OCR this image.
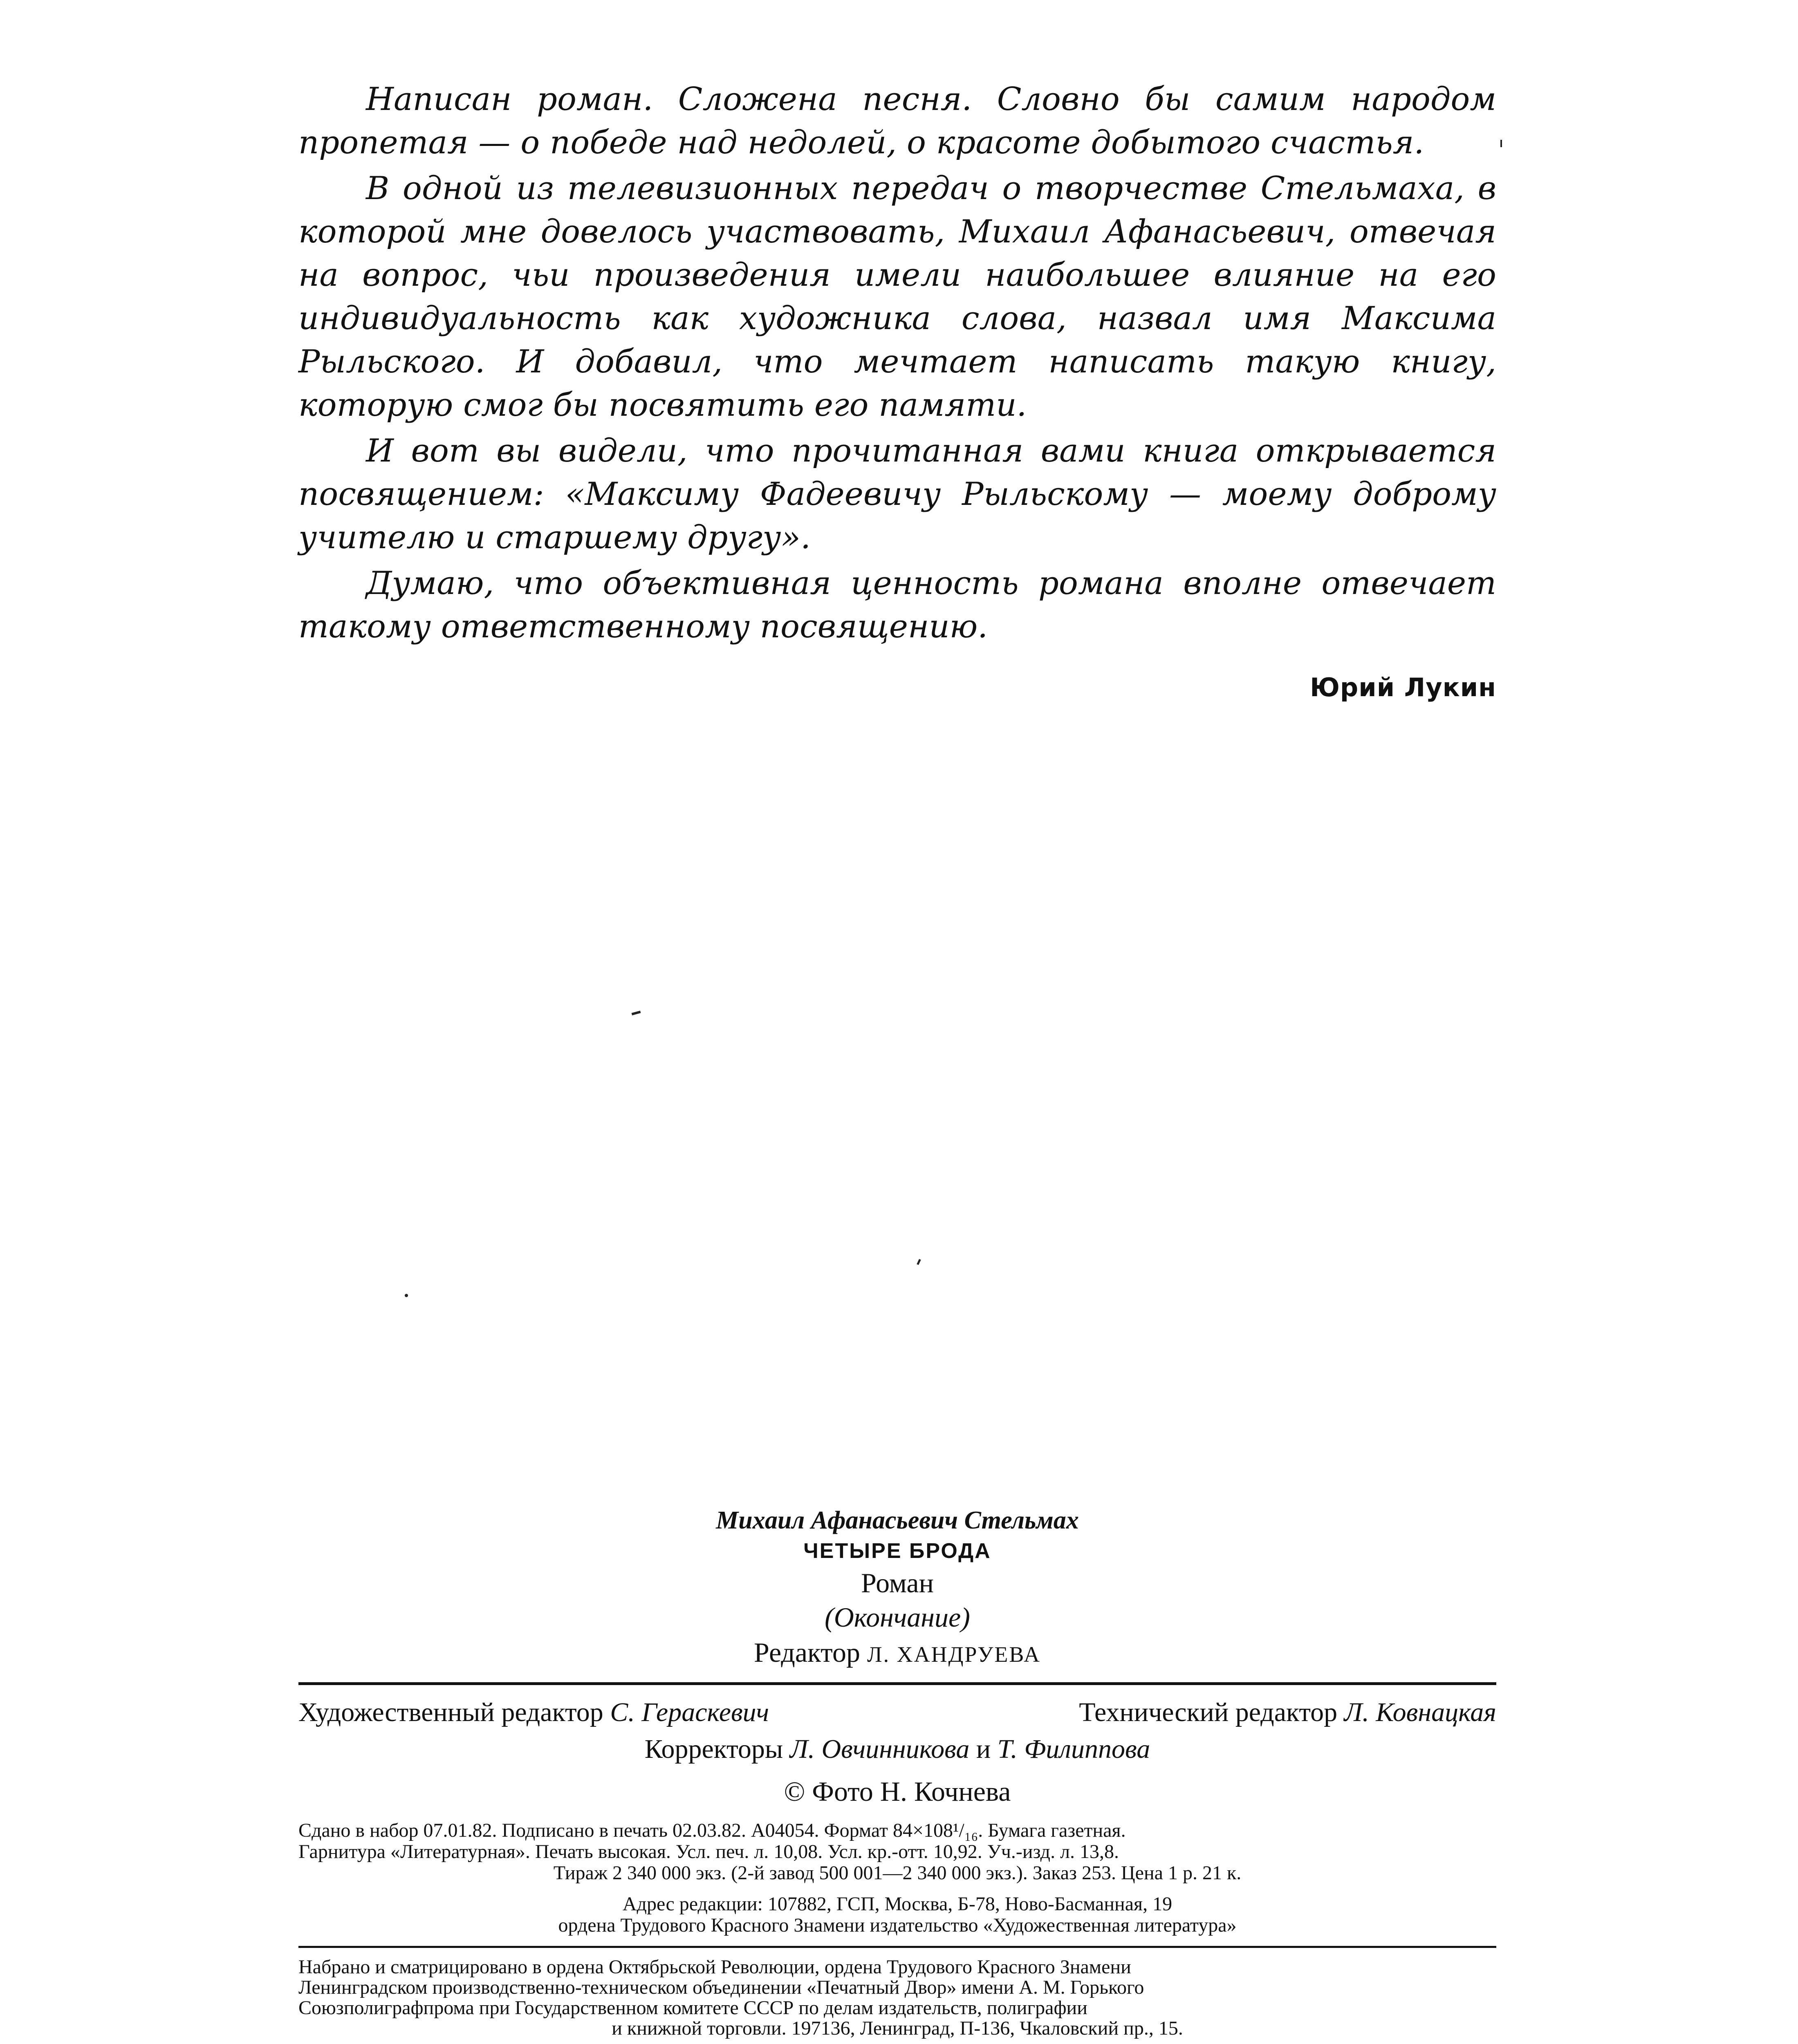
Написан роман. Сложена песня. Словно бы самим народом пропетая — о победе над недолей, о красоте добытого счастья.

В одной из телевизионных передач о творчестве Стельмаха, в которой мне довелось участвовать, Михаил Афанасьевич, отвечая на вопрос, чьи произведения имели наибольшее влияние на его индивидуальность как художника слова, назвал имя Максима Рыльского. И добавил, что мечтает написать такую книгу, которую смог бы посвятить его памяти.

И вот вы видели, что прочитанная вами книга открывается посвящением: «Максиму Фадеевичу Рыльскому — моему доброму учителю и старшему другу».

Думаю, что объективная ценность романа вполне отвечает такому ответственному посвящению.

Юрий Лукин
Михаил Афанасьевич Стельмах
ЧЕТЫРЕ БРОДА
Роман
(Окончание)
Редактор Л. ХАНДРУЕВА
Художественный редактор С. Гераскевич	Технический редактор Л. Ковнацкая
Корректоры Л. Овчинникова и Т. Филиппова
© Фото Н. Кочнева
Сдано в набор 07.01.82. Подписано в печать 02.03.82. А04054. Формат 84×108¹/₁₆. Бумага газетная.
Гарнитура «Литературная». Печать высокая. Усл. печ. л. 10,08. Усл. кр.-отт. 10,92. Уч.-изд. л. 13,8.
Тираж 2 340 000 экз. (2-й завод 500 001—2 340 000 экз.). Заказ 253. Цена 1 р. 21 к.
Адрес редакции: 107882, ГСП, Москва, Б-78, Ново-Басманная, 19
ордена Трудового Красного Знамени издательство «Художественная литература»
Набрано и сматрицировано в ордена Октябрьской Революции, ордена Трудового Красного Знамени
Ленинградском производственно-техническом объединении «Печатный Двор» имени А. М. Горького
Союзполиграфпрома при Государственном комитете СССР по делам издательств, полиграфии
и книжной торговли. 197136, Ленинград, П-136, Чкаловский пр., 15.
